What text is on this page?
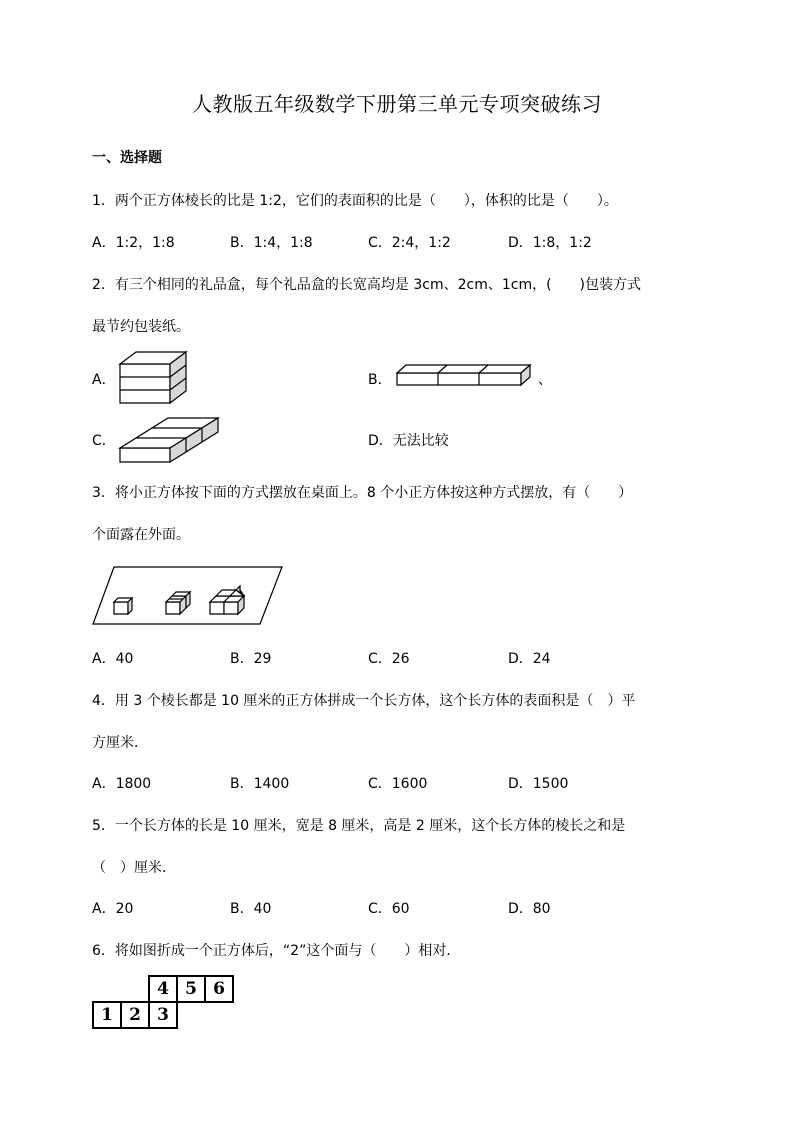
人教版五年级数学下册第三单元专项突破练习
一、选择题
1．两个正方体棱长的比是 1:2，它们的表面积的比是（　　），体积的比是（　　）。
A．1:2，1:8	B．1:4，1:8	C．2:4，1:2	D．1:8，1:2
2．有三个相同的礼品盒，每个礼品盒的长宽高均是 3cm、2cm、1cm，(　　)包装方式
最节约包装纸。
A．	B．	、
C．	D．无法比较
3．将小正方体按下面的方式摆放在桌面上。8 个小正方体按这种方式摆放，有（　　）
个面露在外面。
A．40	B．29	C．26	D．24
4．用 3 个棱长都是 10 厘米的正方体拼成一个长方体，这个长方体的表面积是（　）平
方厘米．
A．1800	B．1400	C．1600	D．1500
5．一个长方体的长是 10 厘米，宽是 8 厘米，高是 2 厘米，这个长方体的棱长之和是
（　）厘米．
A．20	B．40	C．60	D．80
6．将如图折成一个正方体后，“2”这个面与（　　）相对．
		4	5	6
1	2	3		
